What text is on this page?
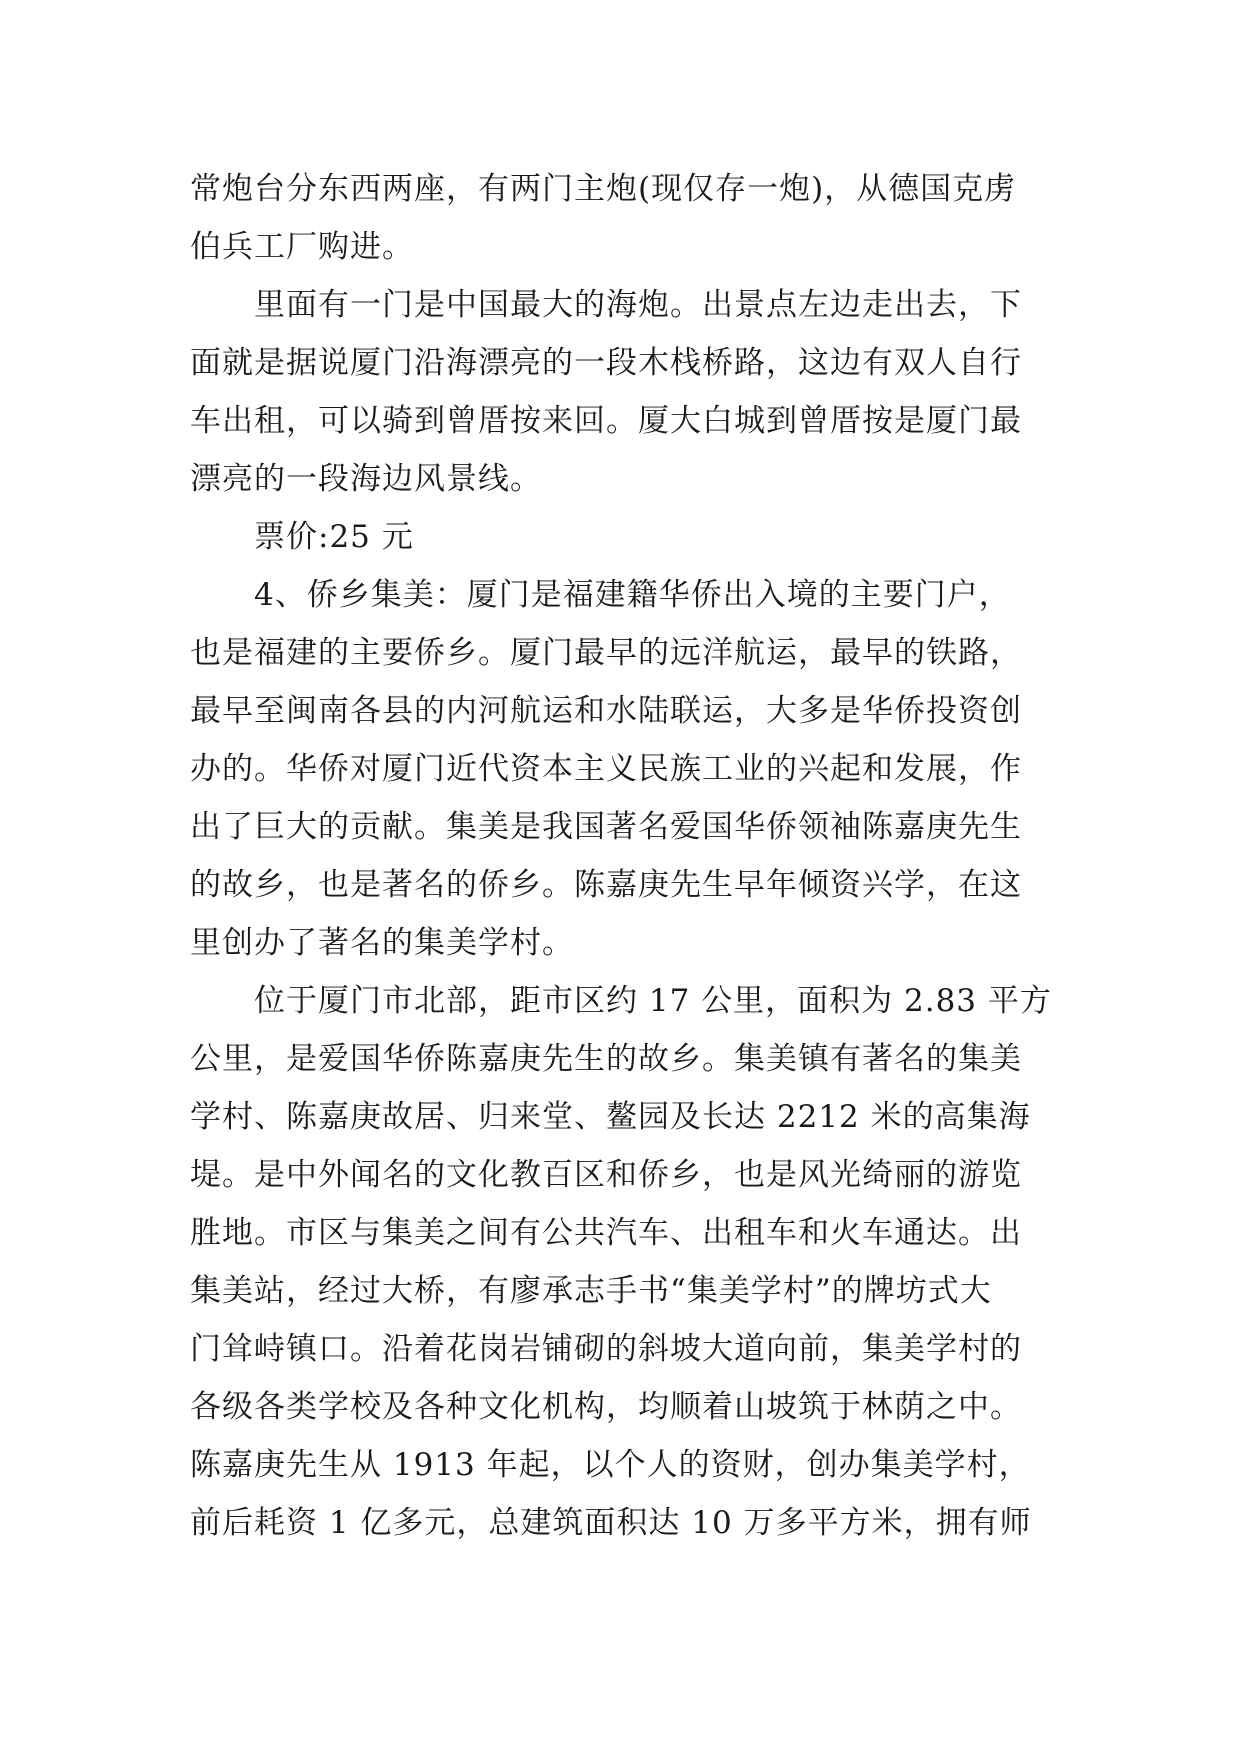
常炮台分东西两座，有两门主炮(现仅存一炮)，从德国克虏
伯兵工厂购进。
里面有一门是中国最大的海炮。出景点左边走出去，下
面就是据说厦门沿海漂亮的一段木栈桥路，这边有双人自行
车出租，可以骑到曾厝按来回。厦大白城到曾厝按是厦门最
漂亮的一段海边风景线。
票价:25 元
4、侨乡集美：厦门是福建籍华侨出入境的主要门户，
也是福建的主要侨乡。厦门最早的远洋航运，最早的铁路，
最早至闽南各县的内河航运和水陆联运，大多是华侨投资创
办的。华侨对厦门近代资本主义民族工业的兴起和发展，作
出了巨大的贡献。集美是我国著名爱国华侨领袖陈嘉庚先生
的故乡，也是著名的侨乡。陈嘉庚先生早年倾资兴学，在这
里创办了著名的集美学村。
位于厦门市北部，距市区约 17 公里，面积为 2.83 平方
公里，是爱国华侨陈嘉庚先生的故乡。集美镇有著名的集美
学村、陈嘉庚故居、归来堂、鳌园及长达 2212 米的高集海
堤。是中外闻名的文化教百区和侨乡，也是风光绮丽的游览
胜地。市区与集美之间有公共汽车、出租车和火车通达。出
集美站，经过大桥，有廖承志手书“集美学村”的牌坊式大
门耸峙镇口。沿着花岗岩铺砌的斜坡大道向前，集美学村的
各级各类学校及各种文化机构，均顺着山坡筑于林荫之中。
陈嘉庚先生从 1913 年起，以个人的资财，创办集美学村，
前后耗资 1 亿多元，总建筑面积达 10 万多平方米，拥有师
